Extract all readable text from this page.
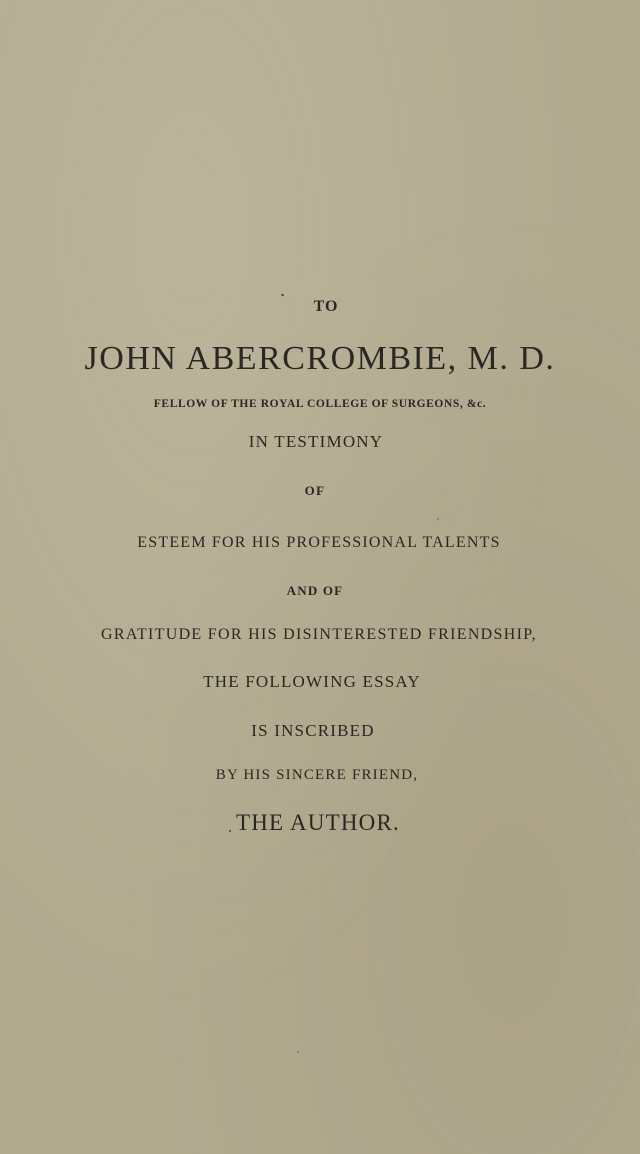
TO
JOHN ABERCROMBIE, M. D.
FELLOW OF THE ROYAL COLLEGE OF SURGEONS, &c.
IN TESTIMONY
OF
ESTEEM FOR HIS PROFESSIONAL TALENTS
AND OF
GRATITUDE FOR HIS DISINTERESTED FRIENDSHIP,
THE FOLLOWING ESSAY
IS INSCRIBED
BY HIS SINCERE FRIEND,
THE AUTHOR.
